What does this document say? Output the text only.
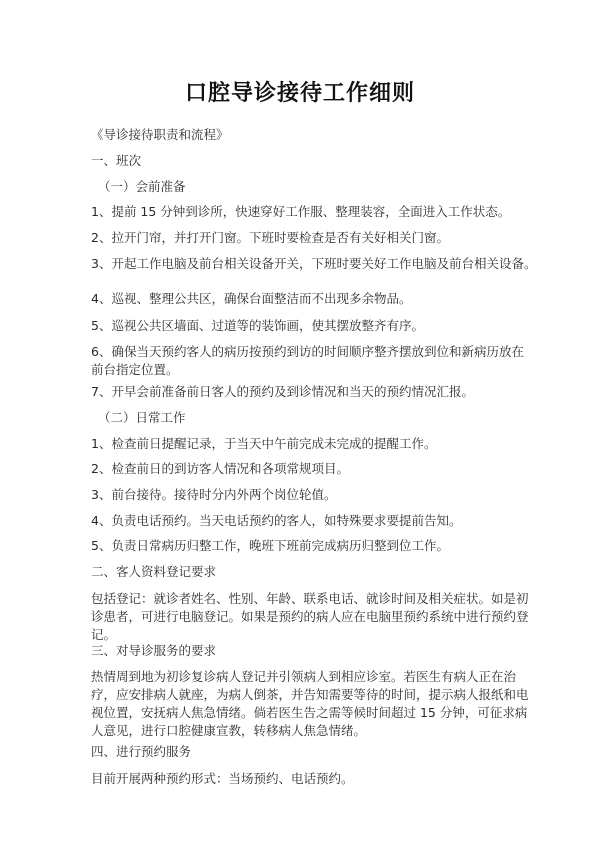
口腔导诊接待工作细则

《导诊接待职责和流程》

一、班次

（一）会前准备

1、提前 15 分钟到诊所，快速穿好工作服、整理装容，全面进入工作状态。

2、拉开门帘，并打开门窗。下班时要检查是否有关好相关门窗。

3、开起工作电脑及前台相关设备开关，下班时要关好工作电脑及前台相关设备。

4、巡视、整理公共区，确保台面整洁而不出现多余物品。

5、巡视公共区墙面、过道等的装饰画，使其摆放整齐有序。

6、确保当天预约客人的病历按预约到访的时间顺序整齐摆放到位和新病历放在前台指定位置。

7、开早会前准备前日客人的预约及到诊情况和当天的预约情况汇报。

（二）日常工作

1、检查前日提醒记录，于当天中午前完成未完成的提醒工作。

2、检查前日的到访客人情况和各项常规项目。

3、前台接待。接待时分内外两个岗位轮值。

4、负责电话预约。当天电话预约的客人，如特殊要求要提前告知。

5、负责日常病历归整工作，晚班下班前完成病历归整到位工作。

二、客人资料登记要求

包括登记：就诊者姓名、性别、年龄、联系电话、就诊时间及相关症状。如是初诊患者，可进行电脑登记。如果是预约的病人应在电脑里预约系统中进行预约登记。

三、对导诊服务的要求

热情周到地为初诊复诊病人登记并引领病人到相应诊室。若医生有病人正在治疗，应安排病人就座，为病人倒茶，并告知需要等待的时间，提示病人报纸和电视位置，安抚病人焦急情绪。倘若医生告之需等候时间超过 15 分钟，可征求病人意见，进行口腔健康宣教，转移病人焦急情绪。

四、进行预约服务

目前开展两种预约形式：当场预约、电话预约。
